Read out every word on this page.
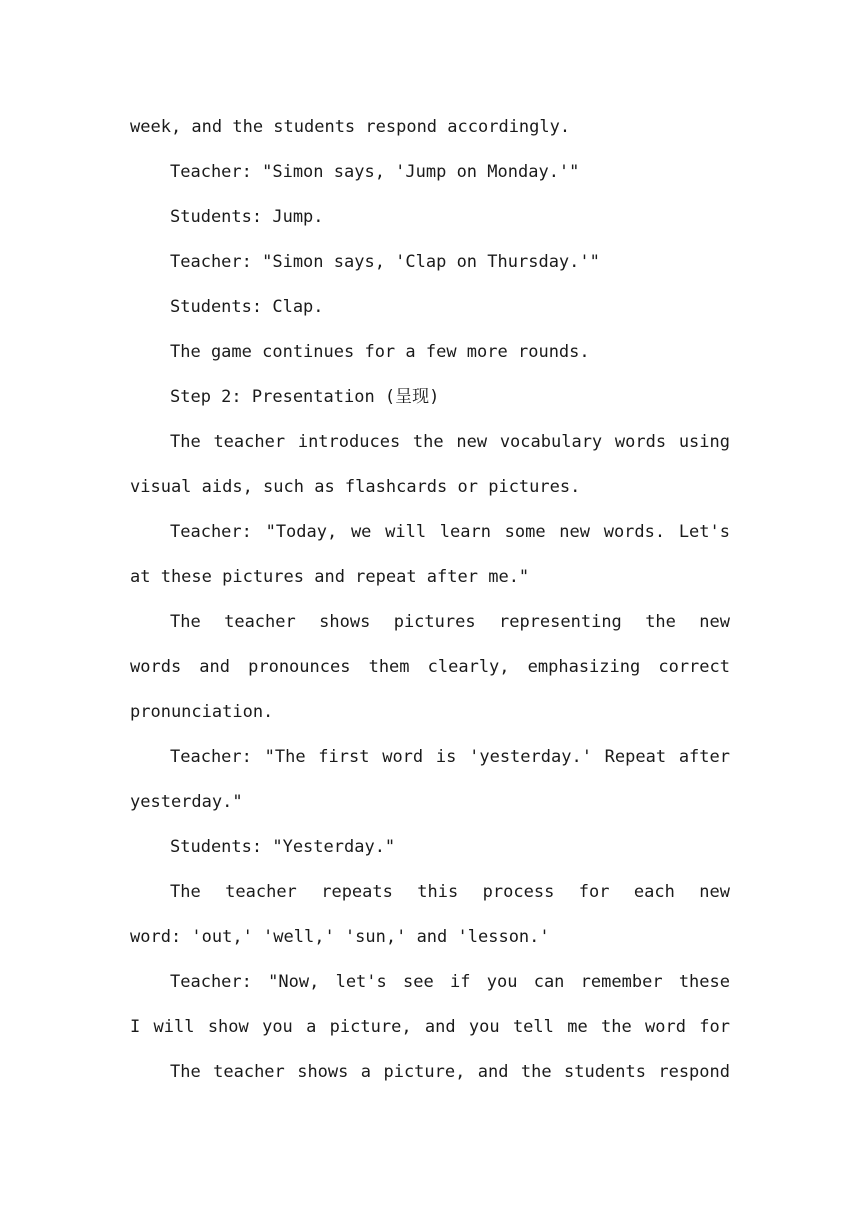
week, and the students respond accordingly.
Teacher: "Simon says, 'Jump on Monday.'"
Students: Jump.
Teacher: "Simon says, 'Clap on Thursday.'"
Students: Clap.
The game continues for a few more rounds.
Step 2: Presentation (呈现)
The teacher introduces the new vocabulary words using
visual aids, such as flashcards or pictures.
Teacher: "Today, we will learn some new words. Let's
at these pictures and repeat after me."
The teacher shows pictures representing the new
words and pronounces them clearly, emphasizing correct
pronunciation.
Teacher: "The first word is 'yesterday.' Repeat after
yesterday."
Students: "Yesterday."
The teacher repeats this process for each new
word: 'out,' 'well,' 'sun,' and 'lesson.'
Teacher: "Now, let's see if you can remember these
I will show you a picture, and you tell me the word for
The teacher shows a picture, and the students respond
